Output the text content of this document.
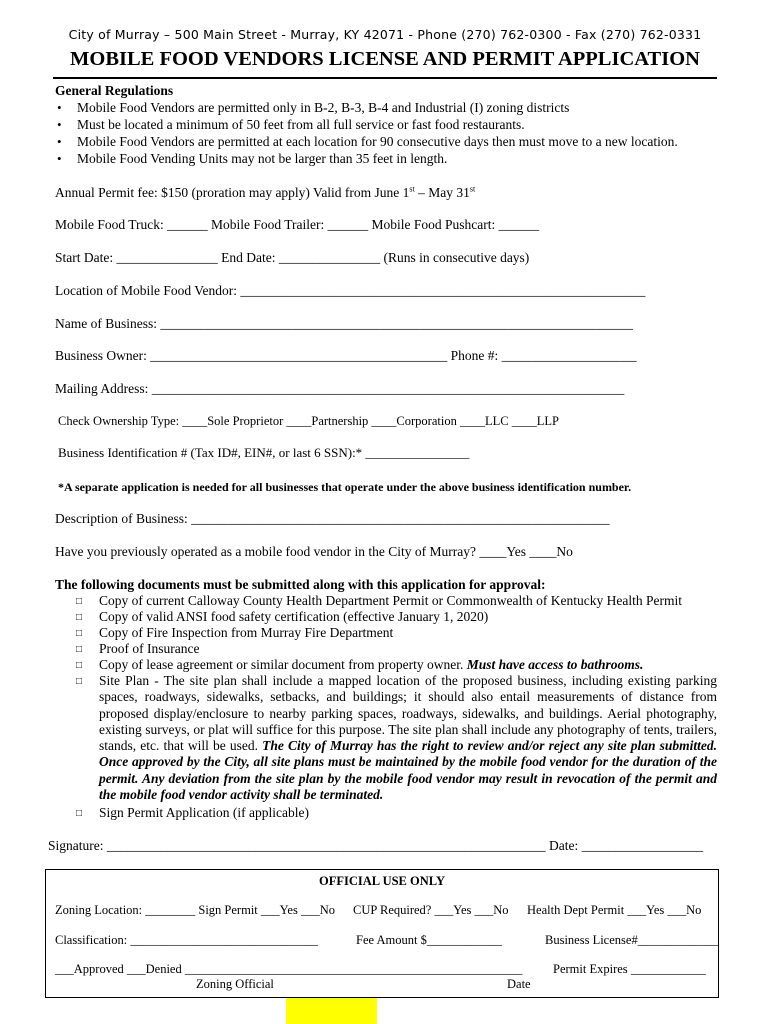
City of Murray – 500 Main Street - Murray, KY 42071 - Phone (270) 762-0300 - Fax (270) 762-0331
MOBILE FOOD VENDORS LICENSE AND PERMIT APPLICATION
General Regulations
• Mobile Food Vendors are permitted only in B-2, B-3, B-4 and Industrial (I) zoning districts
• Must be located a minimum of 50 feet from all full service or fast food restaurants.
• Mobile Food Vendors are permitted at each location for 90 consecutive days then must move to a new location.
• Mobile Food Vending Units may not be larger than 35 feet in length.
Annual Permit fee: $150 (proration may apply) Valid from June 1st – May 31st
Mobile Food Truck: ______ Mobile Food Trailer: ______ Mobile Food Pushcart: ______
Start Date: _______________ End Date: _______________ (Runs in consecutive days)
Location of Mobile Food Vendor: ____________________________________________________________
Name of Business: ______________________________________________________________________
Business Owner: ____________________________________________ Phone #: ____________________
Mailing Address: ______________________________________________________________________
Check Ownership Type: ____Sole Proprietor ____Partnership ____Corporation ____LLC ____LLP
Business Identification # (Tax ID#, EIN#, or last 6 SSN):* ________________
*A separate application is needed for all businesses that operate under the above business identification number.
Description of Business: ______________________________________________________________
Have you previously operated as a mobile food vendor in the City of Murray? ____Yes ____No
The following documents must be submitted along with this application for approval:
□ Copy of current Calloway County Health Department Permit or Commonwealth of Kentucky Health Permit
□ Copy of valid ANSI food safety certification (effective January 1, 2020)
□ Copy of Fire Inspection from Murray Fire Department
□ Proof of Insurance
□ Copy of lease agreement or similar document from property owner. Must have access to bathrooms.
□ Site Plan - The site plan shall include a mapped location of the proposed business, including existing parking spaces, roadways, sidewalks, setbacks, and buildings; it should also entail measurements of distance from proposed display/enclosure to nearby parking spaces, roadways, sidewalks, and buildings. Aerial photography, existing surveys, or plat will suffice for this purpose. The site plan shall include any photography of tents, trailers, stands, etc. that will be used. The City of Murray has the right to review and/or reject any site plan submitted. Once approved by the City, all site plans must be maintained by the mobile food vendor for the duration of the permit. Any deviation from the site plan by the mobile food vendor may result in revocation of the permit and the mobile food vendor activity shall be terminated.
□ Sign Permit Application (if applicable)
Signature: _________________________________________________________________ Date: __________________
OFFICIAL USE ONLY
Zoning Location: ________ Sign Permit ___Yes ___No CUP Required? ___Yes ___No Health Dept Permit ___Yes ___No
Classification: ______________________________	Fee Amount $____________	Business License#_____________
___Approved ___Denied ______________________________________________________ Permit Expires ____________
Zoning Official	Date
